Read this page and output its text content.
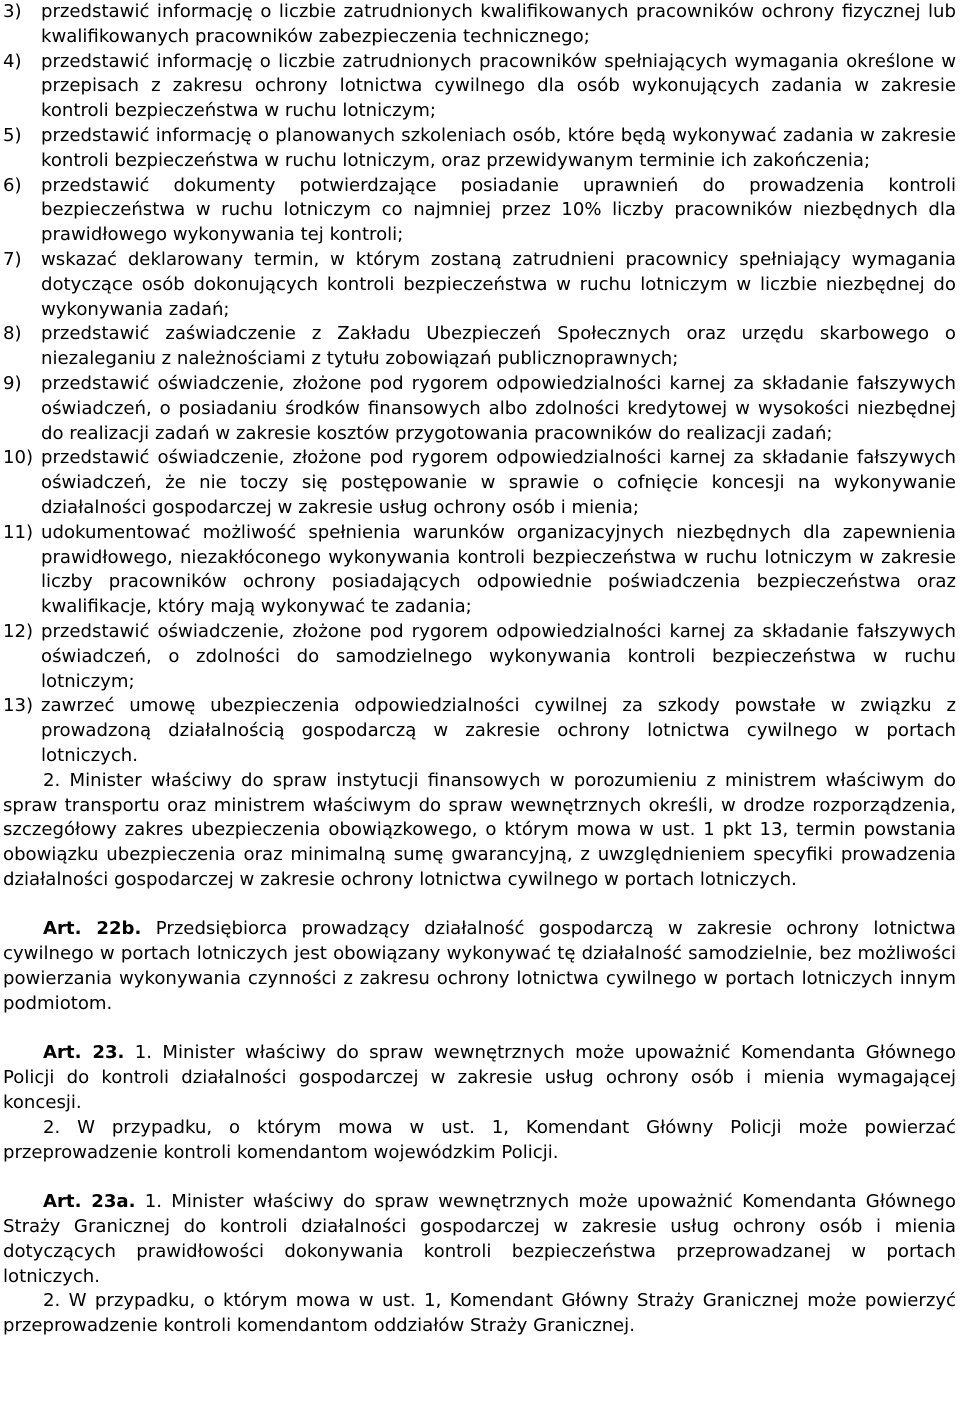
3) przedstawić informację o liczbie zatrudnionych kwalifikowanych pracowników ochrony fizycznej lub kwalifikowanych pracowników zabezpieczenia technicznego;

4) przedstawić informację o liczbie zatrudnionych pracowników spełniających wymagania określone w przepisach z zakresu ochrony lotnictwa cywilnego dla osób wykonujących zadania w zakresie kontroli bezpieczeństwa w ruchu lotniczym;

5) przedstawić informację o planowanych szkoleniach osób, które będą wykonywać zadania w zakresie kontroli bezpieczeństwa w ruchu lotniczym, oraz przewidywanym terminie ich zakończenia;

6) przedstawić dokumenty potwierdzające posiadanie uprawnień do prowadzenia kontroli bezpieczeństwa w ruchu lotniczym co najmniej przez 10% liczby pracowników niezbędnych dla prawidłowego wykonywania tej kontroli;

7) wskazać deklarowany termin, w którym zostaną zatrudnieni pracownicy spełniający wymagania dotyczące osób dokonujących kontroli bezpieczeństwa w ruchu lotniczym w liczbie niezbędnej do wykonywania zadań;

8) przedstawić zaświadczenie z Zakładu Ubezpieczeń Społecznych oraz urzędu skarbowego o niezaleganiu z należnościami z tytułu zobowiązań publicznoprawnych;

9) przedstawić oświadczenie, złożone pod rygorem odpowiedzialności karnej za składanie fałszywych oświadczeń, o posiadaniu środków finansowych albo zdolności kredytowej w wysokości niezbędnej do realizacji zadań w zakresie kosztów przygotowania pracowników do realizacji zadań;

10) przedstawić oświadczenie, złożone pod rygorem odpowiedzialności karnej za składanie fałszywych oświadczeń, że nie toczy się postępowanie w sprawie o cofnięcie koncesji na wykonywanie działalności gospodarczej w zakresie usług ochrony osób i mienia;

11) udokumentować możliwość spełnienia warunków organizacyjnych niezbędnych dla zapewnienia prawidłowego, niezakłóconego wykonywania kontroli bezpieczeństwa w ruchu lotniczym w zakresie liczby pracowników ochrony posiadających odpowiednie poświadczenia bezpieczeństwa oraz kwalifikacje, który mają wykonywać te zadania;

12) przedstawić oświadczenie, złożone pod rygorem odpowiedzialności karnej za składanie fałszywych oświadczeń, o zdolności do samodzielnego wykonywania kontroli bezpieczeństwa w ruchu lotniczym;

13) zawrzeć umowę ubezpieczenia odpowiedzialności cywilnej za szkody powstałe w związku z prowadzoną działalnością gospodarczą w zakresie ochrony lotnictwa cywilnego w portach lotniczych.

2. Minister właściwy do spraw instytucji finansowych w porozumieniu z ministrem właściwym do spraw transportu oraz ministrem właściwym do spraw wewnętrznych określi, w drodze rozporządzenia, szczegółowy zakres ubezpieczenia obowiązkowego, o którym mowa w ust. 1 pkt 13, termin powstania obowiązku ubezpieczenia oraz minimalną sumę gwarancyjną, z uwzględnieniem specyfiki prowadzenia działalności gospodarczej w zakresie ochrony lotnictwa cywilnego w portach lotniczych.

Art. 22b. Przedsiębiorca prowadzący działalność gospodarczą w zakresie ochrony lotnictwa cywilnego w portach lotniczych jest obowiązany wykonywać tę działalność samodzielnie, bez możliwości powierzania wykonywania czynności z zakresu ochrony lotnictwa cywilnego w portach lotniczych innym podmiotom.

Art. 23. 1. Minister właściwy do spraw wewnętrznych może upoważnić Komendanta Głównego Policji do kontroli działalności gospodarczej w zakresie usług ochrony osób i mienia wymagającej koncesji.

2. W przypadku, o którym mowa w ust. 1, Komendant Główny Policji może powierzać przeprowadzenie kontroli komendantom wojewódzkim Policji.

Art. 23a. 1. Minister właściwy do spraw wewnętrznych może upoważnić Komendanta Głównego Straży Granicznej do kontroli działalności gospodarczej w zakresie usług ochrony osób i mienia dotyczących prawidłowości dokonywania kontroli bezpieczeństwa przeprowadzanej w portach lotniczych.

2. W przypadku, o którym mowa w ust. 1, Komendant Główny Straży Granicznej może powierzyć przeprowadzenie kontroli komendantom oddziałów Straży Granicznej.
